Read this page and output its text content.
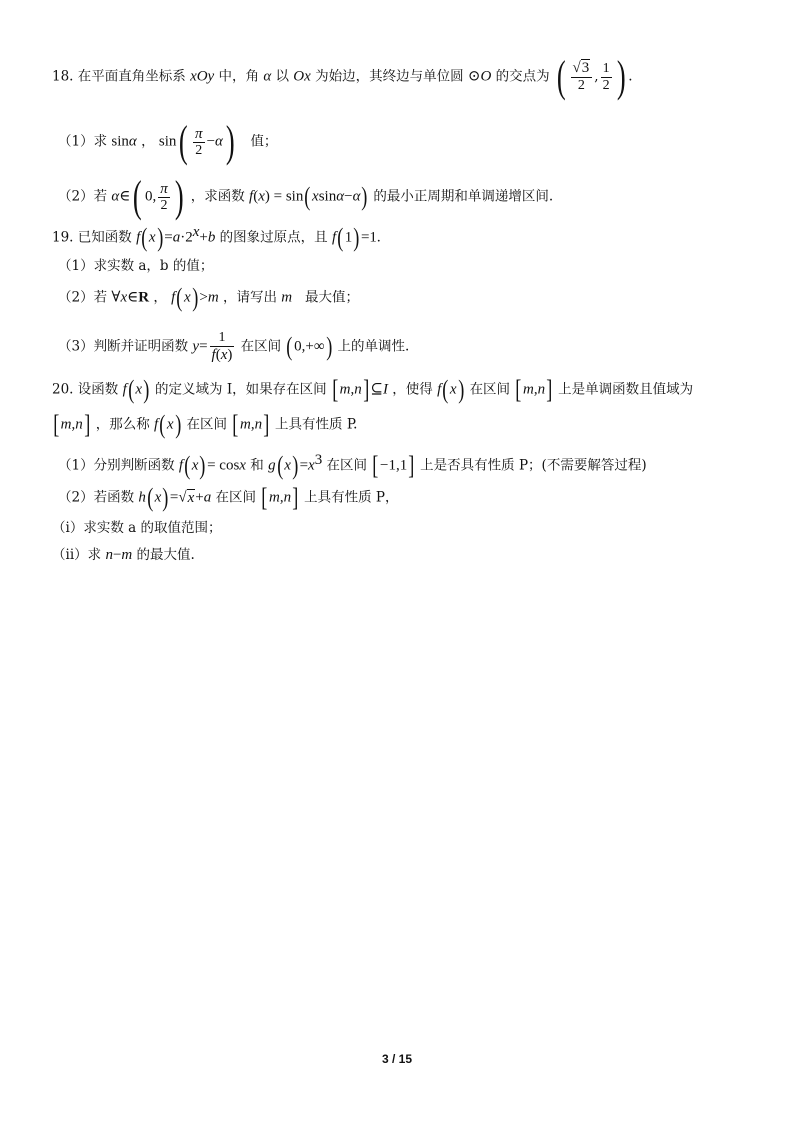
18. 在平面直角坐标系 xOy 中，角 α 以 Ox 为始边，其终边与单位圆 ⊙O 的交点为 ( $\frac{√3}{2}$ , $\frac{1}{2}$ ) .
（1）求 sinα ， $\sin( \frac{\pi}{2} -\alpha)$ 值；
（2）若 α∈( 0, $\frac{\pi}{2}$ ) ，求函数 f(x) = sin(xsinα−α) 的最小正周期和单调递增区间.
19. 已知函数 $f(x)=a\cdot 2^x+b$ 的图象过原点，且 f(1)=1.
（1）求实数 a，b 的值；
（2）若 ∀x∈R ， f(x)>m ，请写出 m 最大值；
（3）判断并证明函数 $y= \frac{1}{f(x)}$ 在区间 (0,+∞) 上的单调性.
20. 设函数 f(x) 的定义域为 I，如果存在区间 [m,n]⊆I ，使得 f(x) 在区间 [m,n] 上是单调函数且值域为
[m,n] ，那么称 f(x) 在区间 [m,n] 上具有性质 P.
（1）分别判断函数 f(x)= cosx 和 $g(x)=x^3$ 在区间 [−1,1] 上是否具有性质 P；(不需要解答过程)
（2）若函数 h(x)=√x+a 在区间 [m,n] 上具有性质 P，
（i）求实数 a 的取值范围；
（ii）求 n−m 的最大值.
3 / 15
